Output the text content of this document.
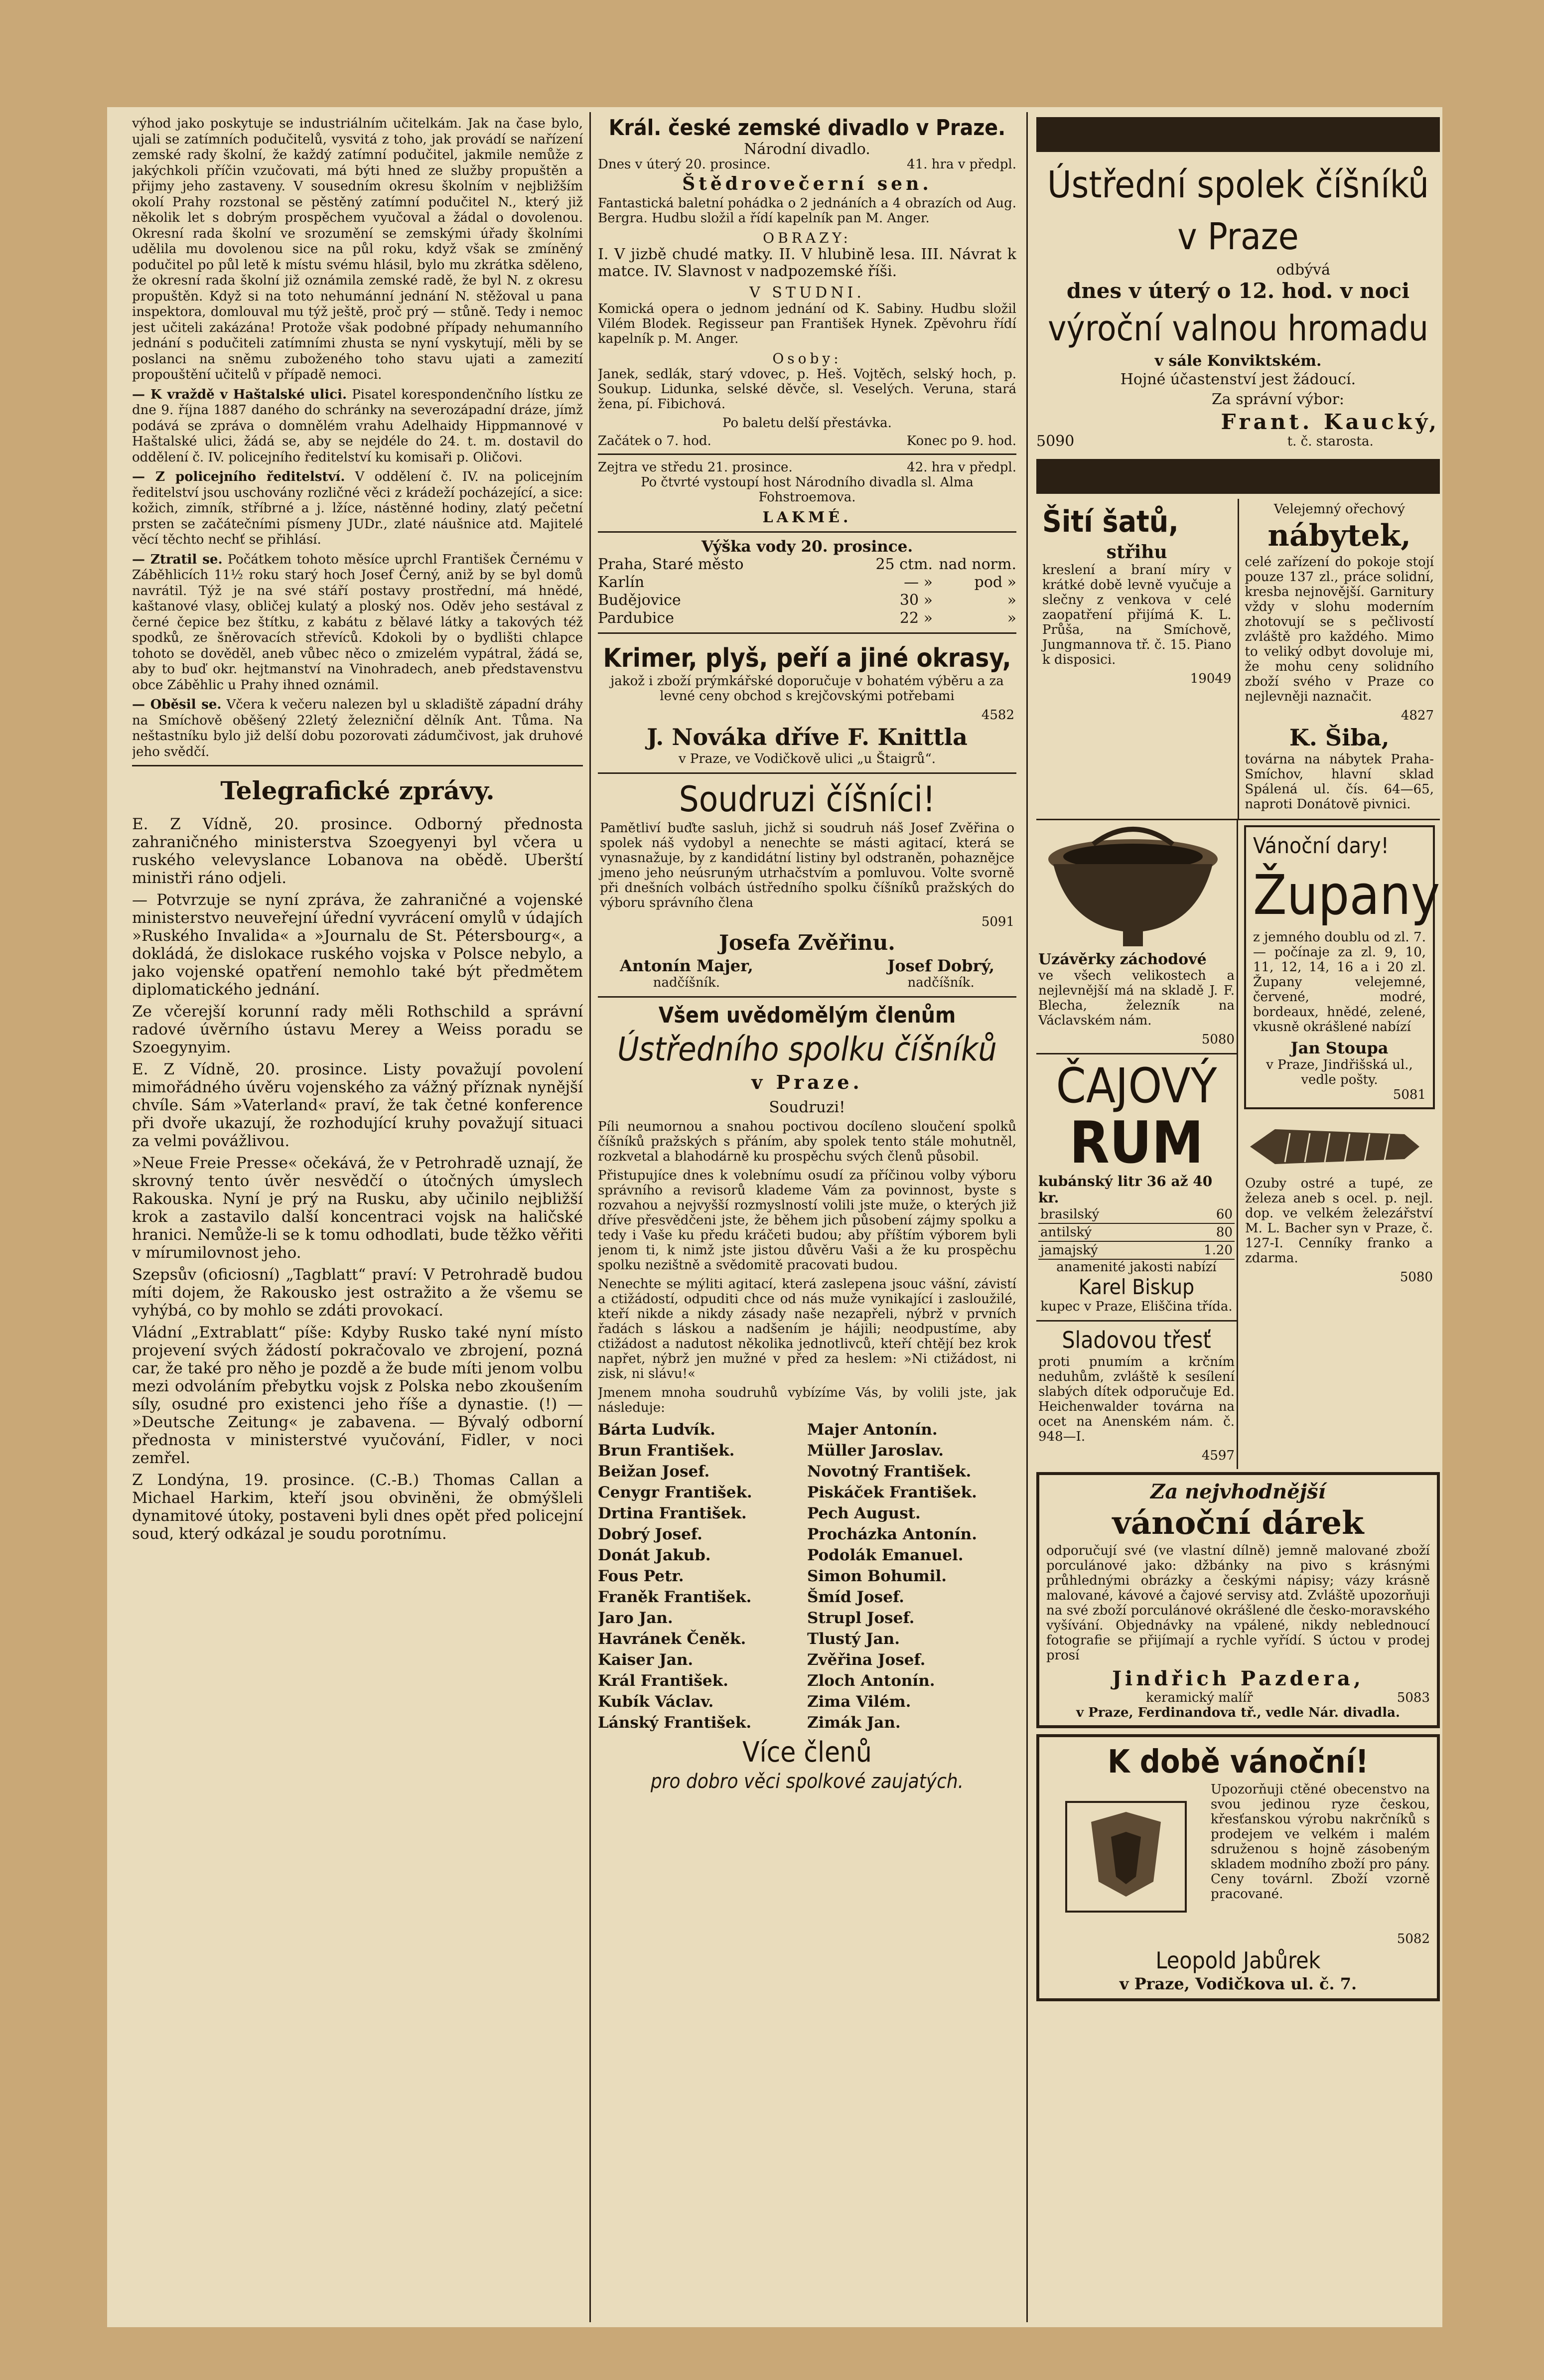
výhod jako poskytuje se industriálním učitelkám. Jak na čase bylo, ujali se zatímních podučitelů, vysvitá z toho, jak provádí se nařízení zemské rady školní, že každý zatímní podučitel, jakmile nemůže z jakýchkoli příčin vzučovati, má býti hned ze služby propuštěn a přijmy jeho zastaveny. V sousedním okresu školním v nejbližším okolí Prahy rozstonal se pěstěný zatímní podučitel N., který již několik let s dobrým prospěchem vyučoval a žádal o dovolenou. Okresní rada školní ve srozumění se zemskými úřady školními udělila mu dovolenou sice na půl roku, když však se zmíněný podučitel po půl letě k místu svému hlásil, bylo mu zkrátka sděleno, že okresní rada školní již oznámila zemské radě, že byl N. z okresu propuštěn. Když si na toto nehumánní jednání N. stěžoval u pana inspektora, domlouval mu týž ještě, proč prý — stůně. Tedy i nemoc jest učiteli zakázána! Protože však podobné případy nehumanního jednání s podučiteli zatímními zhusta se nyní vyskytují, měli by se poslanci na sněmu zuboženého toho stavu ujati a zamezití propouštění učitelů v případě nemoci.

— K vraždě v Haštalské ulici. Pisatel korespondenčního lístku ze dne 9. října 1887 daného do schránky na severozápadní dráze, jímž podává se zpráva o domnělém vrahu Adelhaidy Hippmannové v Haštalské ulici, žádá se, aby se nejdéle do 24. t. m. dostavil do oddělení č. IV. policejního ředitelství ku komisaři p. Oličovi.

— Z policejního ředitelství. V oddělení č. IV. na policejním ředitelství jsou uschovány rozličné věci z krádeží pocházející, a sice: kožich, zimník, stříbrné a j. lžíce, nástěnné hodiny, zlatý pečetní prsten se začátečními písmeny JUDr., zlaté náušnice atd. Majitelé věcí těchto nechť se přihlásí.

— Ztratil se. Počátkem tohoto měsíce uprchl František Černému v Záběhlicích 11½ roku starý hoch Josef Černý, aniž by se byl domů navrátil. Týž je na své stáří postavy prostřední, má hnědé, kaštanové vlasy, obličej kulatý a ploský nos. Oděv jeho sestával z černé čepice bez štítku, z kabátu z bělavé látky a takových též spodků, ze šněrovacích střevíců. Kdokoli by o bydlišti chlapce tohoto se dověděl, aneb vůbec něco o zmizelém vypátral, žádá se, aby to buď okr. hejtmanství na Vinohradech, aneb představenstvu obce Záběhlic u Prahy ihned oznámil.

— Oběsil se. Včera k večeru nalezen byl u skladiště západní dráhy na Smíchově oběšený 22letý železniční dělník Ant. Tůma. Na neštastníku bylo již delší dobu pozorovati zádumčivost, jak druhové jeho svědčí.

Telegrafické zprávy.

E. Z Vídně, 20. prosince. Odborný přednosta zahraničného ministerstva Szoegyenyi byl včera u ruského velevyslance Lobanova na obědě. Uberští ministři ráno odjeli.

— Potvrzuje se nyní zpráva, že zahraničné a vojenské ministerstvo neuveřejní úřední vyvrácení omylů v údajích »Ruského Invalida« a »Journalu de St. Pétersbourg«, a dokládá, že dislokace ruského vojska v Polsce nebylo, a jako vojenské opatření nemohlo také být předmětem diplomatického jednání.

Ze včerejší korunní rady měli Rothschild a správní radové úvěrního ústavu Merey a Weiss poradu se Szoegynyim.

E. Z Vídně, 20. prosince. Listy považují povolení mimořádného úvěru vojenského za vážný příznak nynější chvíle. Sám »Vaterland« praví, že tak četné konference při dvoře ukazují, že rozhodující kruhy považují situaci za velmi povážlivou.

»Neue Freie Presse« očekává, že v Petrohradě uznají, že skrovný tento úvěr nesvědčí o útočných úmyslech Rakouska. Nyní je prý na Rusku, aby učinilo nejbližší krok a zastavilo další koncentraci vojsk na haličské hranici. Nemůže-li se k tomu odhodlati, bude těžko věřiti v mírumilovnost jeho.

Szepsův (oficiosní) „Tagblatt“ praví: V Petrohradě budou míti dojem, že Rakousko jest ostražito a že všemu se vyhýbá, co by mohlo se zdáti provokací.

Vládní „Extrablatt“ píše: Kdyby Rusko také nyní místo projevení svých žádostí pokračovalo ve zbrojení, pozná car, že také pro něho je pozdě a že bude míti jenom volbu mezi odvoláním přebytku vojsk z Polska nebo zkoušením síly, osudné pro existenci jeho říše a dynastie. (!) — »Deutsche Zeitung« je zabavena. — Bývalý odborní přednosta v ministerstvé vyučování, Fidler, v noci zemřel.

Z Londýna, 19. prosince. (C.-B.) Thomas Callan a Michael Harkim, kteří jsou obviněni, že obmýšleli dynamitové útoky, postaveni byli dnes opět před policejní soud, který odkázal je soudu porotnímu.

Král. české zemské divadlo v Praze.
Národní divadlo.
Dnes v úterý 20. prosince.	41. hra v předpl.
Štědrovečerní sen.

Fantastická baletní pohádka o 2 jednáních a 4 obrazích od Aug. Bergra. Hudbu složil a řídí kapelník pan M. Anger.

OBRAZY:

I. V jizbě chudé matky. II. V hlubině lesa. III. Návrat k matce. IV. Slavnost v nadpozemské říši.

V STUDNI.

Komická opera o jednom jednání od K. Sabiny. Hudbu složil Vilém Blodek. Regisseur pan František Hynek. Zpěvohru řídí kapelník p. M. Anger.

Osoby:

Janek, sedlák, starý vdovec, p. Heš. Vojtěch, selský hoch, p. Soukup. Lidunka, selské děvče, sl. Veselých. Veruna, stará žena, pí. Fibichová.

Po baletu delší přestávka.
Začátek o 7. hod.	Konec po 9. hod.
Zejtra ve středu 21. prosince.	42. hra v předpl.

Po čtvrté vystoupí host Národního divadla sl. Alma Fohstroemova.

LAKMÉ.
Výška vody 20. prosince.
Praha, Staré město	25 ctm. nad norm.
Karlín	— »	pod »
Budějovice	30 »	»
Pardubice	22 »	»
Krimer, plyš, peří a jiné okrasy,

jakož i zboží prýmkářské doporučuje v bohatém výběru a za levné ceny obchod s krejčovskými potřebami

4582
J. Nováka dříve F. Knittla
v Praze, ve Vodičkově ulici „u Štaigrů“.
Soudruzi číšníci!

Pamětliví buďte sasluh, jichž si soudruh náš Josef Zvěřina o spolek náš vydobyl a nenechte se másti agitací, která se vynasnažuje, by z kandidátní listiny byl odstraněn, pohaznějce jmeno jeho neúsruným utrhačstvím a pomluvou. Volte svorně při dnešních volbách ústředního spolku číšníků pražských do výboru správního člena

5091
Josefa Zvěřinu.
Antonín Majer,
nadčíšník.
Josef Dobrý,
nadčíšník.
Všem uvědomělým členům
Ústředního spolku číšníků
v Praze.
Soudruzi!

Píli neumornou a snahou poctivou docíleno sloučení spolků číšníků pražských s přáním, aby spolek tento stále mohutněl, rozkvetal a blahodárně ku prospěchu svých členů působil.

Přistupujíce dnes k volebnímu osudí za příčinou volby výboru správního a revisorů klademe Vám za povinnost, byste s rozvahou a nejvyšší rozmyslností volili jste muže, o kterých již dříve přesvědčeni jste, že během jich působení zájmy spolku a tedy i Vaše ku předu kráčeti budou; aby příštím výborem byli jenom ti, k nimž jste jistou důvěru Vaši a že ku prospěchu spolku nezištně a svědomitě pracovati budou.

Nenechte se mýliti agitací, která zaslepena jsouc vášní, závistí a ctižádostí, odpuditi chce od nás muže vynikající i zasloužilé, kteří nikde a nikdy zásady naše nezapřeli, nýbrž v prvních řadách s láskou a nadšením je hájili; neodpustíme, aby ctižádost a nadutost několika jednotlivců, kteří chtějí bez krok napřet, nýbrž jen mužné v před za heslem: »Ni ctižádost, ni zisk, ni slávu!«

Jmenem mnoha soudruhů vybízíme Vás, by volili jste, jak následuje:

Bárta Ludvík.	Majer Antonín.
Brun František.	Müller Jaroslav.
Beižan Josef.	Novotný František.
Cenygr František.	Piskáček František.
Drtina František.	Pech August.
Dobrý Josef.	Procházka Antonín.
Donát Jakub.	Podolák Emanuel.
Fous Petr.	Simon Bohumil.
Franěk František.	Šmíd Josef.
Jaro Jan.	Strupl Josef.
Havránek Čeněk.	Tlustý Jan.
Kaiser Jan.	Zvěřina Josef.
Král František.	Zloch Antonín.
Kubík Václav.	Zima Vilém.
Lánský František.	Zimák Jan.
Více členů
pro dobro věci spolkové zaujatých.
Ústřední spolek číšníků v Praze
odbývá
dnes v úterý o 12. hod. v noci
výroční valnou hromadu
v sále Konviktském.
Hojné účastenství jest žádoucí.
Za správní výbor:
5090
Frant. Kaucký,
t. č. starosta.
Šití šatů,
střihu

kreslení a braní míry v krátké době levně vyučuje a slečny z venkova v celé zaopatření přijímá K. L. Průša, na Smíchově, Jungmannova tř. č. 15. Piano k disposici.

19049
Velejemný ořechový
nábytek,

celé zařízení do pokoje stojí pouze 137 zl., práce solidní, kresba nejnovější. Garnitury vždy v slohu moderním zhotovují se s pečlivostí zvláště pro každého. Mimo to veliký odbyt dovoluje mi, že mohu ceny solidního zboží svého v Praze co nejlevněji naznačit.

4827
K. Šiba,

továrna na nábytek Praha-Smíchov, hlavní sklad Spálená ul. čís. 64—65, naproti Donátově pivnici.

Uzávěrky záchodové

ve všech velikostech a nejlevnější má na skladě J. F. Blecha, železník na Václavském nám.

5080
ČAJOVÝ
RUM
kubánský litr 36 až 40 kr.
brasilský	60
antilský	80
jamajský	1.20
anamenité jakosti nabízí
Karel Biskup
kupec v Praze, Eliščina třída.
Sladovou třesť

proti pnumím a krčním neduhům, zvláště k sesílení slabých dítek odporučuje Ed. Heichenwalder továrna na ocet na Anenském nám. č. 948—I.

4597
Vánoční dary!
Župany

z jemného doublu od zl. 7.— počínaje za zl. 9, 10, 11, 12, 14, 16 a i 20 zl. Župany velejemné, červené, modré, bordeaux, hnědé, zelené, vkusně okrášlené nabízí

Jan Stoupa
v Praze, Jindřišská ul., vedle pošty.
5081

Ozuby ostré a tupé, ze železa aneb s ocel. p. nejl. dop. ve velkém železářství M. L. Bacher syn v Praze, č. 127-I. Cenníky franko a zdarma.

5080
Za nejvhodnější
vánoční dárek

odporučují své (ve vlastní dílně) jemně malované zboží porculánové jako: džbánky na pivo s krásnými průhlednými obrázky a českými nápisy; vázy krásně malované, kávové a čajové servisy atd. Zvláště upozorňuji na své zboží porculánové okrášlené dle česko-moravského vyšívání. Objednávky na vpálené, nikdy neblednoucí fotografie se přijímají a rychle vyřídí. S úctou v prodej prosí

Jindřich Pazdera,
keramický malíř	5083
v Praze, Ferdinandova tř., vedle Nár. divadla.
K době vánoční!

Upozorňuji ctěné obecenstvo na svou jedinou ryze českou, křesťanskou výrobu nakrčníků s prodejem ve velkém i malém sdruženou s hojně zásobeným skladem modního zboží pro pány. Ceny továrnl. Zboží vzorně pracované.

5082
Leopold Jabůrek
v Praze, Vodičkova ul. č. 7.
